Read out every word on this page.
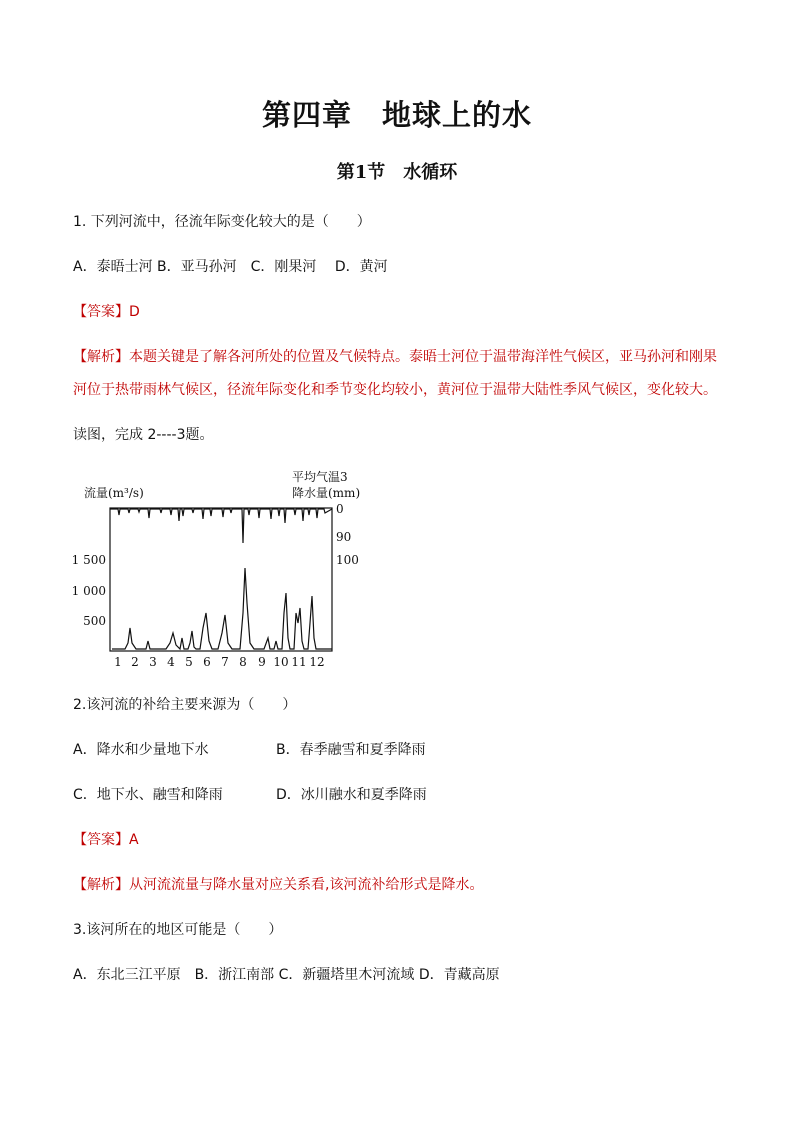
第四章　地球上的水
第1节　水循环
1. 下列河流中，径流年际变化较大的是（　　）
A．泰晤士河 B．亚马孙河　C．刚果河　 D．黄河
【答案】D
【解析】本题关键是了解各河所处的位置及气候特点。泰晤士河位于温带海洋性气候区，亚马孙河和刚果
河位于热带雨林气候区，径流年际变化和季节变化均较小，黄河位于温带大陆性季风气候区，变化较大。
读图，完成 2----3题。
流量(m³/s)
平均气温3
降水量(mm)
0
90
100
1 500
1 000
500
1 2 3 4 5 6 7 8 9 10 11 12
2.该河流的补给主要来源为（　　）
A．降水和少量地下水	B．春季融雪和夏季降雨
C．地下水、融雪和降雨	D．冰川融水和夏季降雨
【答案】A
【解析】从河流流量与降水量对应关系看,该河流补给形式是降水。
3.该河所在的地区可能是（　　）
A．东北三江平原　B．浙江南部 C．新疆塔里木河流域 D．青藏高原
